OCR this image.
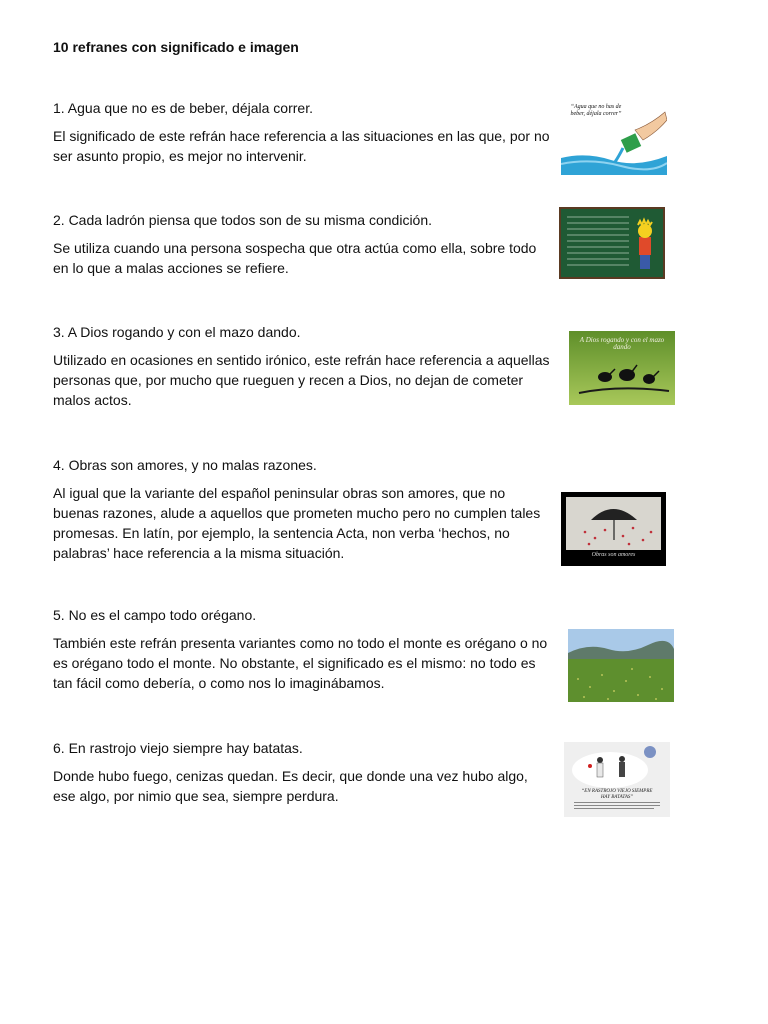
10 refranes con significado e imagen

1. Agua que no es de beber, déjala correr.

El significado de este refrán hace referencia a las situaciones en las que, por no ser asunto propio, es mejor no intervenir.

“Agua que no has de beber, déjala correr”

2. Cada ladrón piensa que todos son de su misma condición.

Se utiliza cuando una persona sospecha que otra actúa como ella, sobre todo en lo que a malas acciones se refiere.

3. A Dios rogando y con el mazo dando.

Utilizado en ocasiones en sentido irónico, este refrán hace referencia a aquellas personas que, por mucho que rueguen y recen a Dios, no dejan de cometer malos actos.

A Dios rogando y con el mazo dando

4. Obras son amores, y no malas razones.

Al igual que la variante del español peninsular obras son amores, que no buenas razones, alude a aquellos que prometen mucho pero no cumplen tales promesas. En latín, por ejemplo, la sentencia Acta, non verba ‘hechos, no palabras’ hace referencia a la misma situación.	Obras son amores

5. No es el campo todo orégano.

También este refrán presenta variantes como no todo el monte es orégano o no es orégano todo el monte. No obstante, el significado es el mismo: no todo es tan fácil como debería, o como nos lo imaginábamos.

6. En rastrojo viejo siempre hay batatas.

Donde hubo fuego, cenizas quedan. Es decir, que donde una vez hubo algo, ese algo, por nimio que sea, siempre perdura.	“EN RASTROJO VIEJO SIEMPRE HAY BATATAS”
